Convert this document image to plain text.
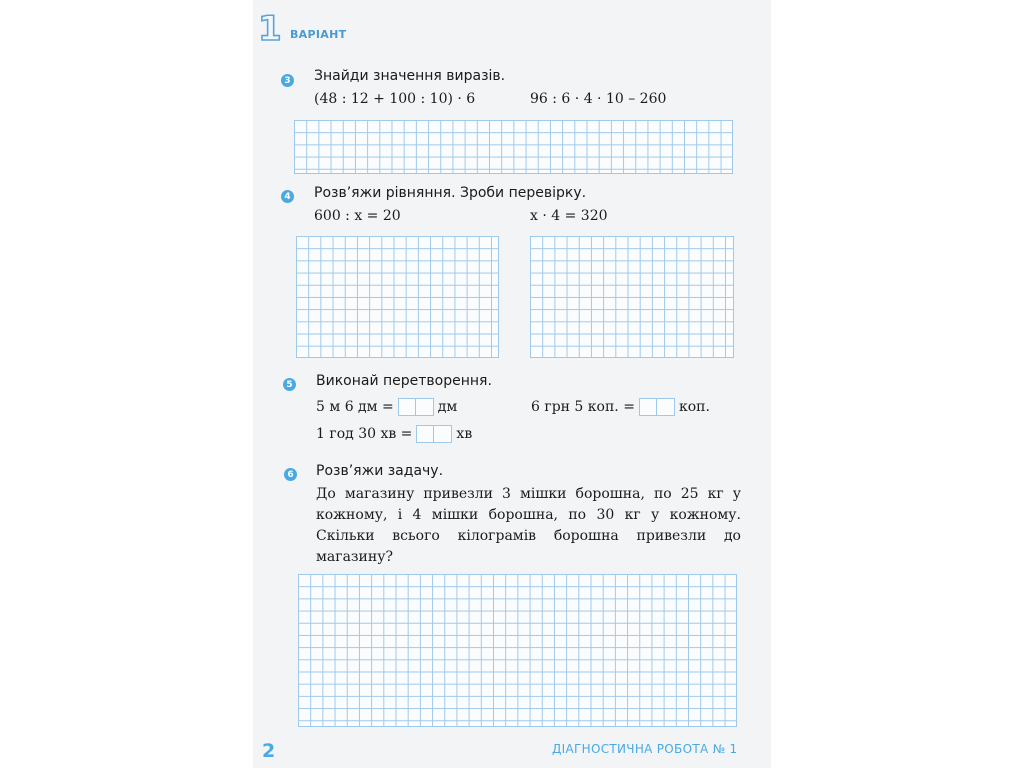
1 ВАРІАНТ
3 Знайди значення виразів.
(48 : 12 + 100 : 10) · 6	96 : 6 · 4 · 10 – 260
4 Розв’яжи рівняння. Зроби перевірку.
600 : x = 20	x · 4 = 320
5 Виконай перетворення.
5 м 6 дм =	дм	6 грн 5 коп. =	коп.
1 год 30 хв =	хв
6 Розв’яжи задачу.
До магазину привезли 3 мішки борошна, по 25 кг у кожному, і 4 мішки борошна, по 30 кг у кожному. Скільки всього кілограмів борошна привезли до магазину?
2	ДІАГНОСТИЧНА РОБОТА № 1
